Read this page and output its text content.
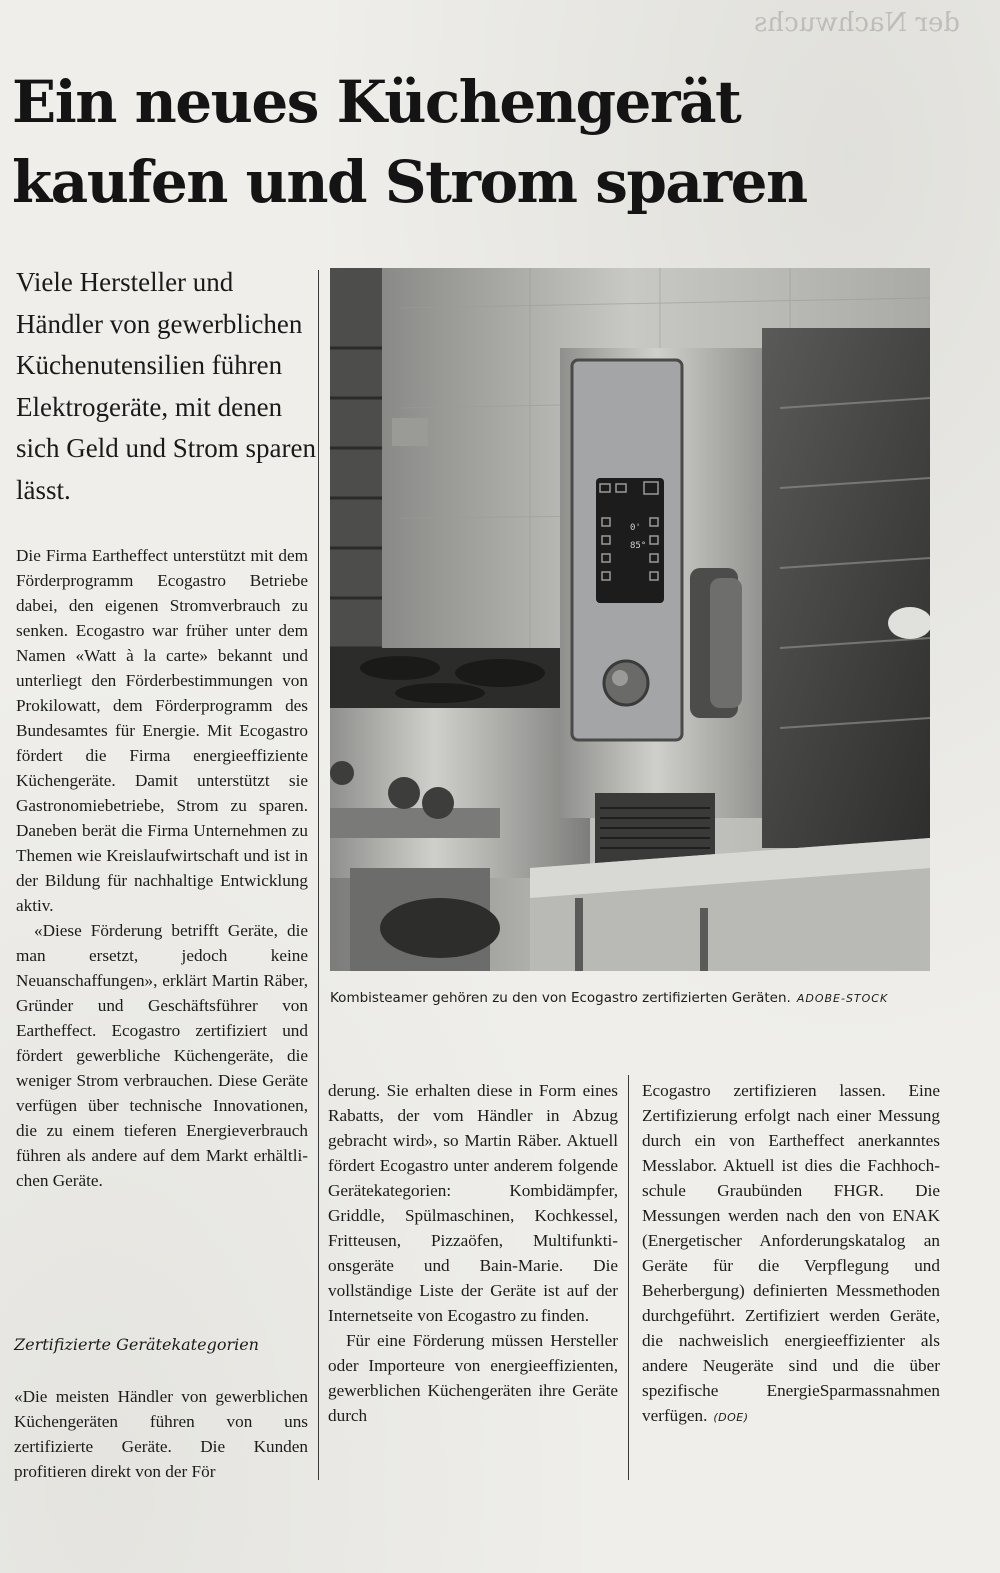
der Nachwuchs
Ein neues Küchengerät kaufen und Strom sparen

Viele Hersteller und Händler von gewerblichen Küchenutensilien führen Elektrogeräte, mit denen sich Geld und Strom sparen lässt.

Die Firma Eartheffect unterstützt mit dem Förderprogramm Ecogastro Betriebe dabei, den eigenen Stromverbrauch zu senken. Ecogastro war früher unter dem Namen «Watt à la carte» bekannt und unterliegt den Förderbestimmungen von Prokilowatt, dem Förderprogramm des Bundesamtes für Energie. Mit Ecogastro fördert die Firma energieeffiziente Küchengeräte. Damit unterstützt sie Gastronomiebetriebe, Strom zu sparen. Daneben berät die Firma Unternehmen zu Themen wie Kreislaufwirtschaft und ist in der Bildung für nachhaltige Entwicklung aktiv.

«Diese Förderung betrifft Geräte, die man ersetzt, jedoch keine Neuanschaffungen», erklärt Martin Räber, Gründer und Geschäftsführer von Eartheffect. Ecogastro zertifiziert und fördert gewerbliche Küchengeräte, die weniger Strom verbrauchen. Diese Geräte verfügen über technische Innovationen, die zu einem tieferen Energieverbrauch führen als andere auf dem Markt erhältlichen Geräte.

Zertifizierte Gerätekategorien

«Die meisten Händler von gewerblichen Küchengeräten führen von uns zertifizierte Geräte. Die Kunden profitieren direkt von der För

0'
85°

Kombisteamer gehören zu den von Ecogastro zertifizierten Geräten. ADOBE-STOCK

derung. Sie erhalten diese in Form eines Rabatts, der vom Händler in Abzug gebracht wird», so Martin Räber. Aktuell fördert Ecogastro unter anderem folgende Gerätekategorien: Kombidämpfer, Griddle, Spülmaschinen, Kochkessel, Fritteusen, Pizzaöfen, Multifunktionsgeräte und Bain-Marie. Die vollständige Liste der Geräte ist auf der Internetseite von Ecogastro zu finden.

Für eine Förderung müssen Hersteller oder Importeure von energieeffizienten, gewerblichen Küchengeräten ihre Geräte durch

Ecogastro zertifizieren lassen. Eine Zertifizierung erfolgt nach einer Messung durch ein von Eartheffect anerkanntes Messlabor. Aktuell ist dies die Fachhochschule Graubünden FHGR. Die Messungen werden nach den von ENAK (Energetischer Anforderungskatalog an Geräte für die Verpflegung und Beherbergung) definierten Messmethoden durchgeführt. Zertifiziert werden Geräte, die nachweislich energieeffizienter als andere Neugeräte sind und die über spezifische EnergieSparmassnahmen verfügen. (DOE)
